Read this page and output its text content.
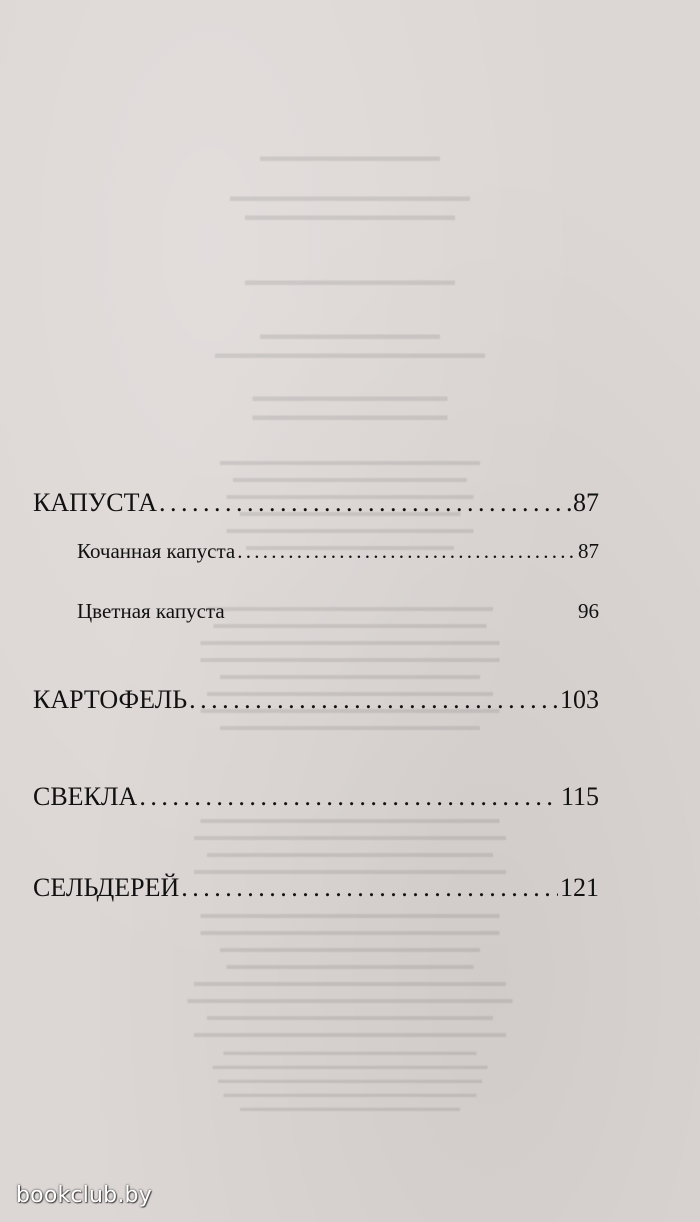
▬▬▬▬▬▬▬▬▬▬▬▬
▬▬▬▬▬▬▬▬▬▬▬▬▬▬▬▬
▬▬▬▬▬▬▬▬▬▬▬▬▬▬
▬▬▬▬▬▬▬▬▬▬▬▬▬▬
▬▬▬▬▬▬▬▬▬▬▬▬
▬▬▬▬▬▬▬▬▬▬▬▬▬▬▬▬▬▬
▬▬▬▬▬▬▬▬▬▬▬▬▬
▬▬▬▬▬▬▬▬▬▬▬▬▬
▬▬▬▬▬▬▬▬▬▬▬▬▬▬▬▬▬▬▬▬
▬▬▬▬▬▬▬▬▬▬▬▬▬▬▬▬▬▬
▬▬▬▬▬▬▬▬▬▬▬▬▬▬▬▬▬▬▬
▬▬▬▬▬▬▬▬▬▬▬▬▬▬▬▬▬
▬▬▬▬▬▬▬▬▬▬▬▬▬▬▬▬▬▬▬
▬▬▬▬▬▬▬▬▬▬▬▬▬▬▬▬
▬▬▬▬▬▬▬▬▬▬▬▬▬▬▬▬▬▬▬▬▬▬
▬▬▬▬▬▬▬▬▬▬▬▬▬▬▬▬▬▬▬▬▬
▬▬▬▬▬▬▬▬▬▬▬▬▬▬▬▬▬▬▬▬▬▬▬
▬▬▬▬▬▬▬▬▬▬▬▬▬▬▬▬▬▬▬▬▬▬▬
▬▬▬▬▬▬▬▬▬▬▬▬▬▬▬▬▬▬▬▬
▬▬▬▬▬▬▬▬▬▬▬▬▬▬▬▬▬▬▬▬▬▬
▬▬▬▬▬▬▬▬▬▬▬▬▬▬▬▬▬▬▬▬▬▬▬
▬▬▬▬▬▬▬▬▬▬▬▬▬▬▬▬▬▬▬▬
▬▬▬▬▬▬▬▬▬▬▬▬▬▬▬▬▬▬▬▬▬▬▬
▬▬▬▬▬▬▬▬▬▬▬▬▬▬▬▬▬▬▬▬▬▬▬▬
▬▬▬▬▬▬▬▬▬▬▬▬▬▬▬▬▬▬▬▬▬▬
▬▬▬▬▬▬▬▬▬▬▬▬▬▬▬▬▬▬▬▬▬▬▬▬
▬▬▬▬▬▬▬▬▬▬▬▬▬▬▬▬▬▬▬▬▬▬▬
▬▬▬▬▬▬▬▬▬▬▬▬▬▬▬▬▬▬▬▬▬▬▬
▬▬▬▬▬▬▬▬▬▬▬▬▬▬▬▬▬▬▬▬
▬▬▬▬▬▬▬▬▬▬▬▬▬▬▬▬▬▬▬
▬▬▬▬▬▬▬▬▬▬▬▬▬▬▬▬▬▬▬▬▬▬▬▬
▬▬▬▬▬▬▬▬▬▬▬▬▬▬▬▬▬▬▬▬▬▬▬▬▬
▬▬▬▬▬▬▬▬▬▬▬▬▬▬▬▬▬▬▬▬▬▬
▬▬▬▬▬▬▬▬▬▬▬▬▬▬▬▬▬▬▬▬▬▬▬▬
▬▬▬▬▬▬▬▬▬▬▬▬▬▬▬▬▬▬▬▬▬▬▬
▬▬▬▬▬▬▬▬▬▬▬▬▬▬▬▬▬▬▬▬▬▬▬▬▬
▬▬▬▬▬▬▬▬▬▬▬▬▬▬▬▬▬▬▬▬▬▬▬▬
▬▬▬▬▬▬▬▬▬▬▬▬▬▬▬▬▬▬▬▬▬▬▬
▬▬▬▬▬▬▬▬▬▬▬▬▬▬▬▬▬▬▬▬
КАПУСТА . . .	87
Кочанная капуста . . .	87
Цветная капуста	96
КАРТОФЕЛЬ . . .	103
СВЕКЛА . . .	115
СЕЛЬДЕРЕЙ . . .	121
bookclub.by
